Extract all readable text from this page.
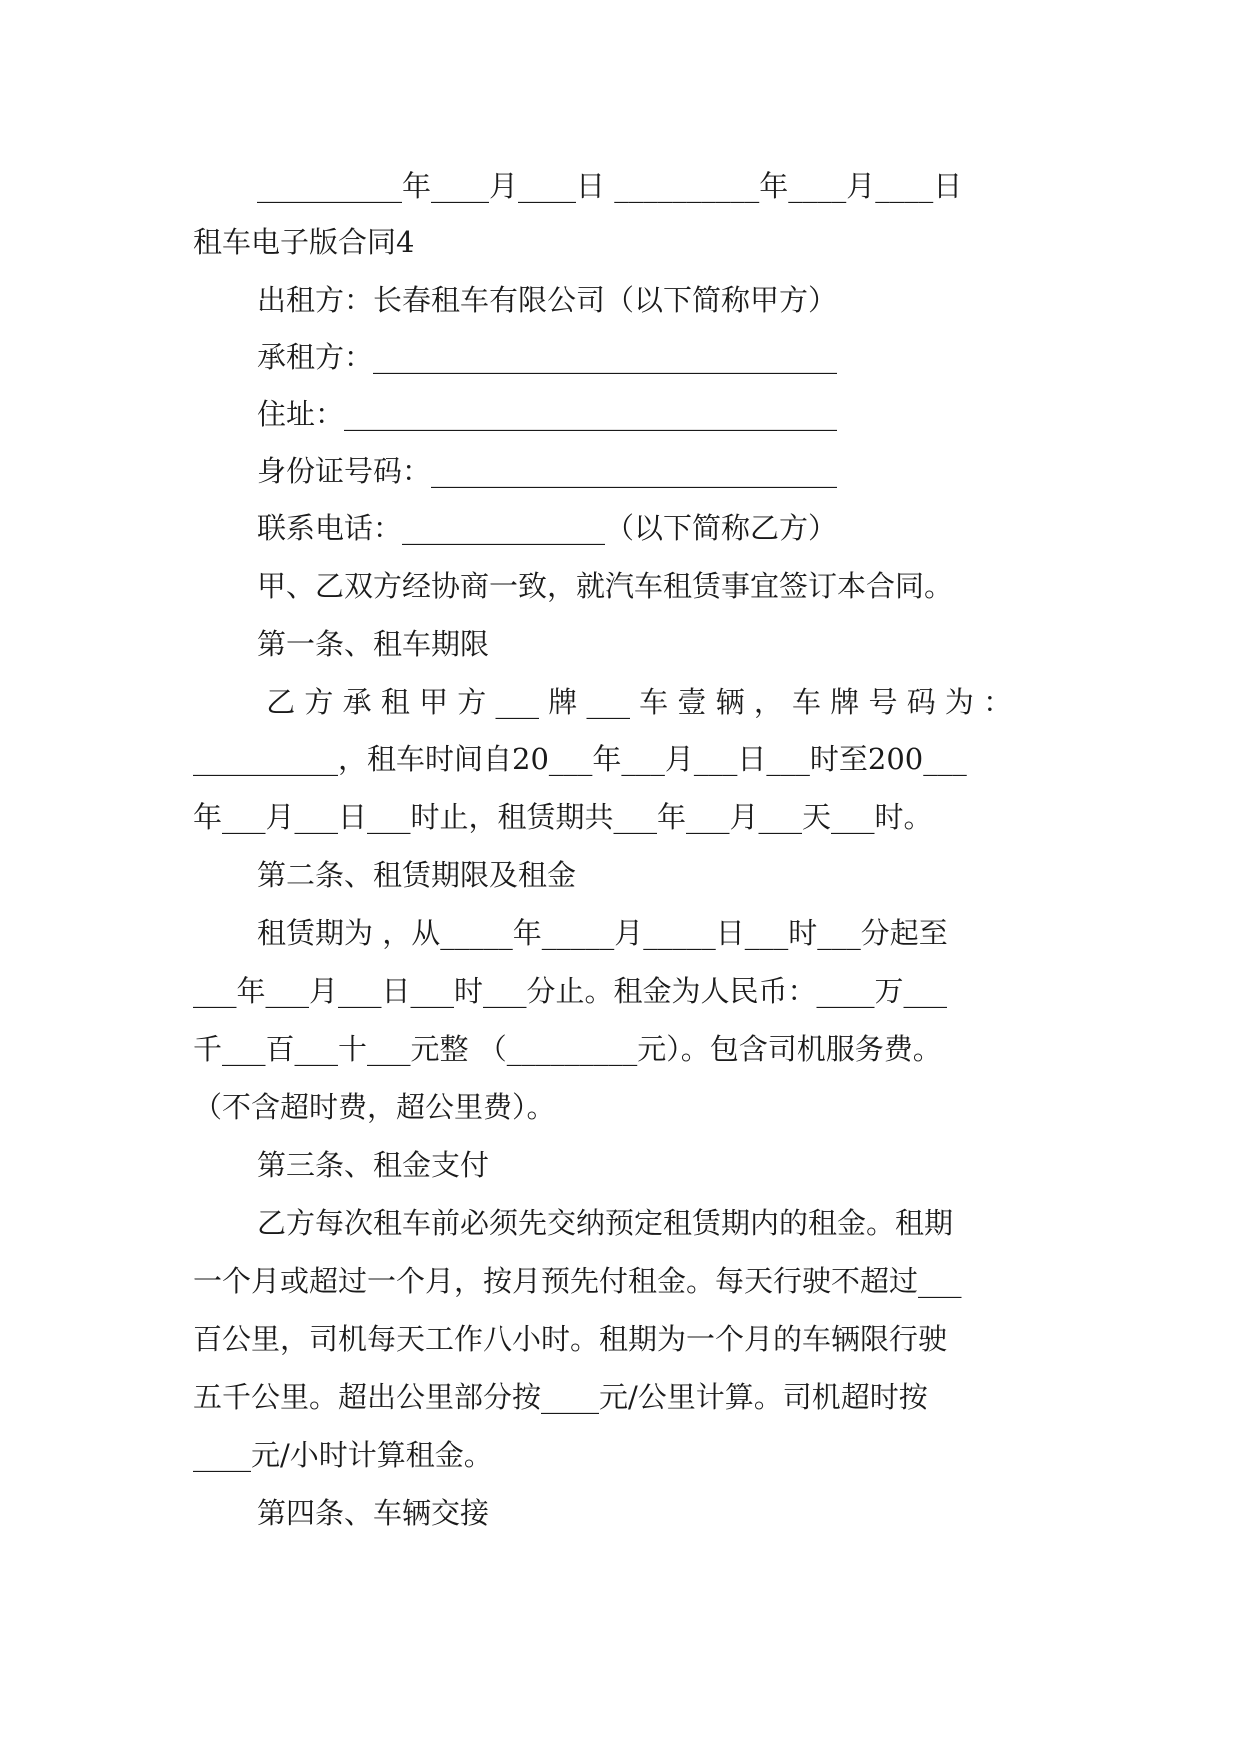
__________年____月____日 __________年____月____日
租车电子版合同4
出租方：长春租车有限公司（以下简称甲方）
承租方：________________________________
住址：__________________________________
身份证号码：____________________________
联系电话：______________（以下简称乙方）
甲、乙双方经协商一致，就汽车租赁事宜签订本合同。
第一条、租车期限
乙 方 承 租 甲 方 ___ 牌 ___ 车 壹 辆 ， 车 牌 号 码 为 ：
__________，租车时间自20___年___月___日___时至200___
年___月___日___时止，租赁期共___年___月___天___时。
第二条、租赁期限及租金
租赁期为 ，从_____年_____月_____日___时___分起至
___年___月___日___时___分止。租金为人民币：____万___
千___百___十___元整 （_________元）。包含司机服务费。
（不含超时费，超公里费）。
第三条、租金支付
乙方每次租车前必须先交纳预定租赁期内的租金。租期
一个月或超过一个月，按月预先付租金。每天行驶不超过___
百公里，司机每天工作八小时。租期为一个月的车辆限行驶
五千公里。超出公里部分按____元/公里计算。司机超时按
____元/小时计算租金。
第四条、车辆交接
